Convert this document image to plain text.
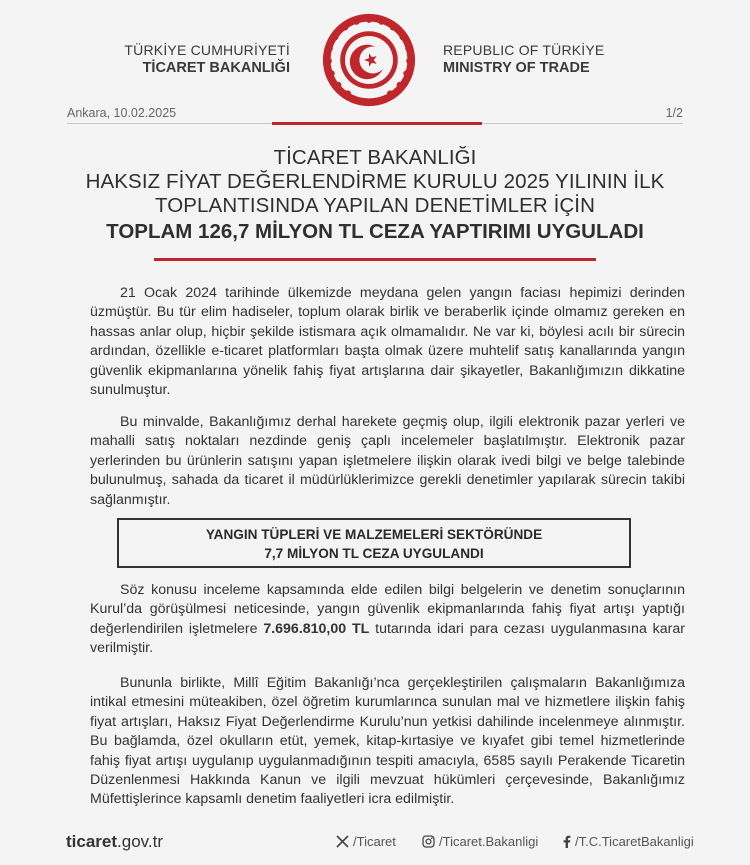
TÜRKİYE CUMHURİYETİ
TİCARET BAKANLIĞI
REPUBLIC OF TÜRKİYE
MINISTRY OF TRADE
Ankara, 10.02.2025	1/2
TİCARET BAKANLIĞI
HAKSIZ FİYAT DEĞERLENDİRME KURULU 2025 YILININ İLK
TOPLANTISINDA YAPILAN DENETİMLER İÇİN
TOPLAM 126,7 MİLYON TL CEZA YAPTIRIMI UYGULADI
21 Ocak 2024 tarihinde ülkemizde meydana gelen yangın faciası hepimizi derinden üzmüştür. Bu tür elim hadiseler, toplum olarak birlik ve beraberlik içinde olmamız gereken en hassas anlar olup, hiçbir şekilde istismara açık olmamalıdır. Ne var ki, böylesi acılı bir sürecin ardından, özellikle e-ticaret platformları başta olmak üzere muhtelif satış kanallarında yangın güvenlik ekipmanlarına yönelik fahiş fiyat artışlarına dair şikayetler, Bakanlığımızın dikkatine sunulmuştur.
Bu minvalde, Bakanlığımız derhal harekete geçmiş olup, ilgili elektronik pazar yerleri ve mahalli satış noktaları nezdinde geniş çaplı incelemeler başlatılmıştır. Elektronik pazar yerlerinden bu ürünlerin satışını yapan işletmelere ilişkin olarak ivedi bilgi ve belge talebinde bulunulmuş, sahada da ticaret il müdürlüklerimizce gerekli denetimler yapılarak sürecin takibi sağlanmıştır.
YANGIN TÜPLERİ VE MALZEMELERİ SEKTÖRÜNDE
7,7 MİLYON TL CEZA UYGULANDI
Söz konusu inceleme kapsamında elde edilen bilgi belgelerin ve denetim sonuçlarının Kurul’da görüşülmesi neticesinde, yangın güvenlik ekipmanlarında fahiş fiyat artışı yaptığı değerlendirilen işletmelere 7.696.810,00 TL tutarında idari para cezası uygulanmasına karar verilmiştir.
Bununla birlikte, Millî Eğitim Bakanlığı’nca gerçekleştirilen çalışmaların Bakanlığımıza intikal etmesini müteakiben, özel öğretim kurumlarınca sunulan mal ve hizmetlere ilişkin fahiş fiyat artışları, Haksız Fiyat Değerlendirme Kurulu’nun yetkisi dahilinde incelenmeye alınmıştır. Bu bağlamda, özel okulların etüt, yemek, kitap-kırtasiye ve kıyafet gibi temel hizmetlerinde fahiş fiyat artışı uygulanıp uygulanmadığının tespiti amacıyla, 6585 sayılı Perakende Ticaretin Düzenlenmesi Hakkında Kanun ve ilgili mevzuat hükümleri çerçevesinde, Bakanlığımız Müfettişlerince kapsamlı denetim faaliyetleri icra edilmiştir.
ticaret.gov.tr	/Ticaret	/Ticaret.Bakanligi	/T.C.TicaretBakanligi
